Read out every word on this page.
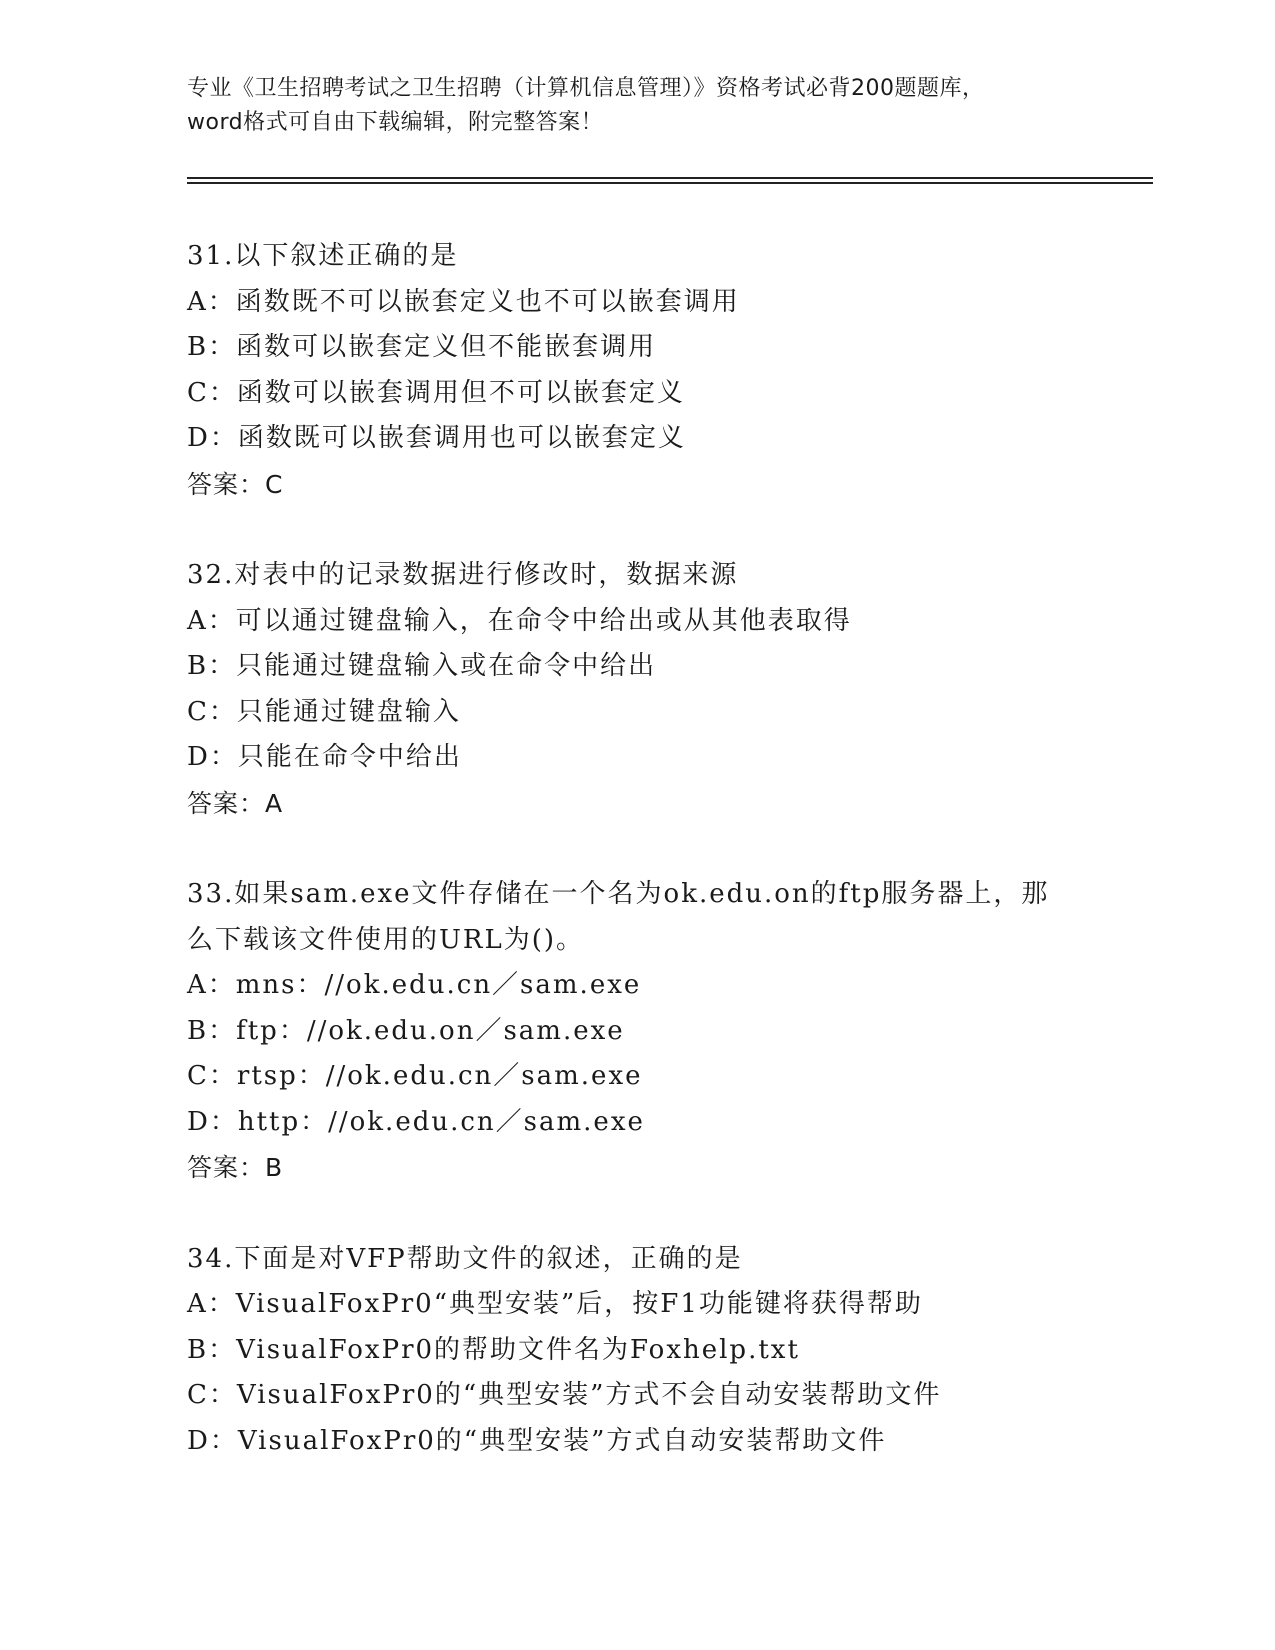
专业《卫生招聘考试之卫生招聘（计算机信息管理）》资格考试必背200题题库，
word格式可自由下载编辑，附完整答案！
31.以下叙述正确的是
A：函数既不可以嵌套定义也不可以嵌套调用
B：函数可以嵌套定义但不能嵌套调用
C：函数可以嵌套调用但不可以嵌套定义
D：函数既可以嵌套调用也可以嵌套定义
答案：C
32.对表中的记录数据进行修改时，数据来源
A：可以通过键盘输入，在命令中给出或从其他表取得
B：只能通过键盘输入或在命令中给出
C：只能通过键盘输入
D：只能在命令中给出
答案：A
33.如果sam.exe文件存储在一个名为ok.edu.on的ftp服务器上，那
么下载该文件使用的URL为()。
A：mns：//ok.edu.cn／sam.exe
B：ftp：//ok.edu.on／sam.exe
C：rtsp：//ok.edu.cn／sam.exe
D：http：//ok.edu.cn／sam.exe
答案：B
34.下面是对VFP帮助文件的叙述，正确的是
A：VisualFoxPr0“典型安装”后，按F1功能键将获得帮助
B：VisualFoxPr0的帮助文件名为Foxhelp.txt
C：VisualFoxPr0的“典型安装”方式不会自动安装帮助文件
D：VisualFoxPr0的“典型安装”方式自动安装帮助文件
